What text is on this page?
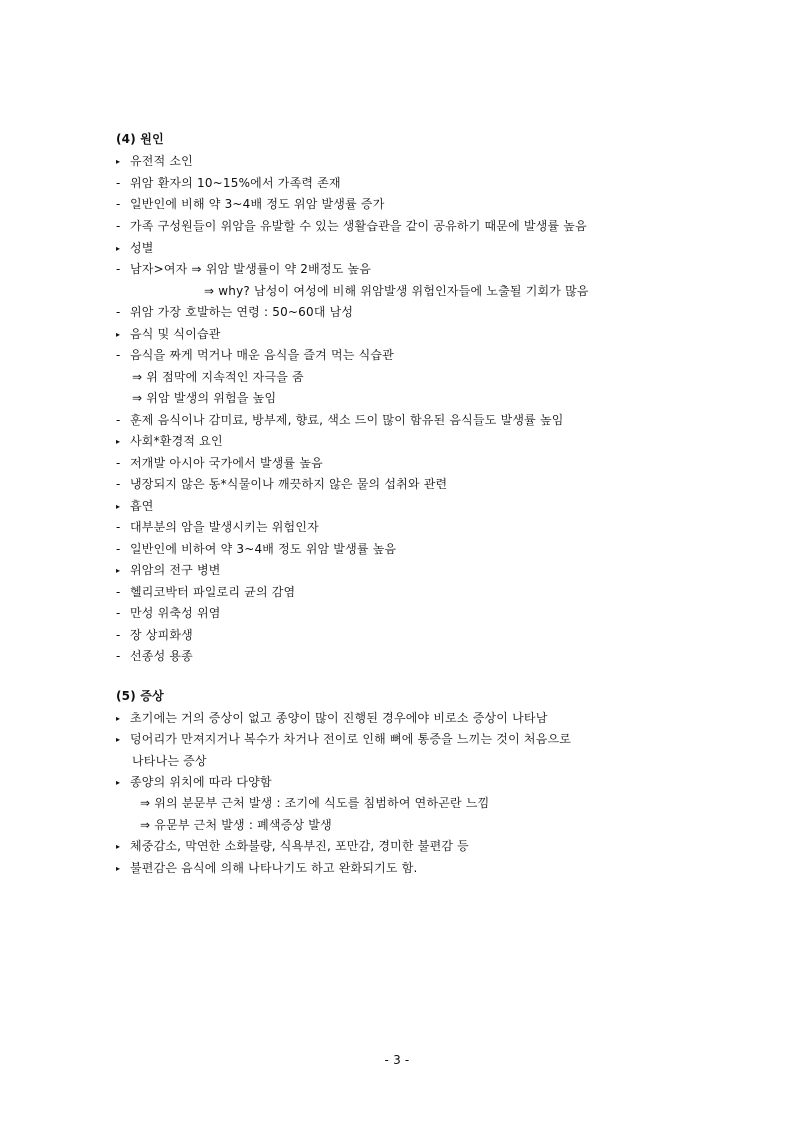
(4) 원인
▸ 유전적 소인
- 위암 환자의 10~15%에서 가족력 존재
- 일반인에 비해 약 3~4배 정도 위암 발생률 증가
- 가족 구성원들이 위암을 유발할 수 있는 생활습관을 같이 공유하기 때문에 발생률 높음
▸ 성별
- 남자>여자 ⇒ 위암 발생률이 약 2배정도 높음
⇒ why? 남성이 여성에 비해 위암발생 위험인자들에 노출될 기회가 많음
- 위암 가장 호발하는 연령 : 50~60대 남성
▸ 음식 및 식이습관
- 음식을 짜게 먹거나 매운 음식을 즐겨 먹는 식습관
⇒ 위 점막에 지속적인 자극을 줌
⇒ 위암 발생의 위험을 높임
- 훈제 음식이나 감미료, 방부제, 향료, 색소 드이 많이 함유된 음식들도 발생률 높임
▸ 사회*환경적 요인
- 저개발 아시아 국가에서 발생률 높음
- 냉장되지 않은 동*식물이나 깨끗하지 않은 물의 섭취와 관련
▸ 흡연
- 대부분의 암을 발생시키는 위험인자
- 일반인에 비하여 약 3~4배 정도 위암 발생률 높음
▸ 위암의 전구 병변
- 헬리코박터 파일로리 균의 감염
- 만성 위축성 위염
- 장 상피화생
- 선종성 용종
(5) 증상
▸ 초기에는 거의 증상이 없고 종양이 많이 진행된 경우에야 비로소 증상이 나타남
▸ 덩어리가 만져지거나 복수가 차거나 전이로 인해 뼈에 통증을 느끼는 것이 처음으로
나타나는 증상
▸ 종양의 위치에 따라 다양함
⇒ 위의 분문부 근처 발생 : 조기에 식도를 침범하여 연하곤란 느낌
⇒ 유문부 근처 발생 : 폐색증상 발생
▸ 체중감소, 막연한 소화불량, 식욕부진, 포만감, 경미한 불편감 등
▸ 불편감은 음식에 의해 나타나기도 하고 완화되기도 함.
- 3 -
